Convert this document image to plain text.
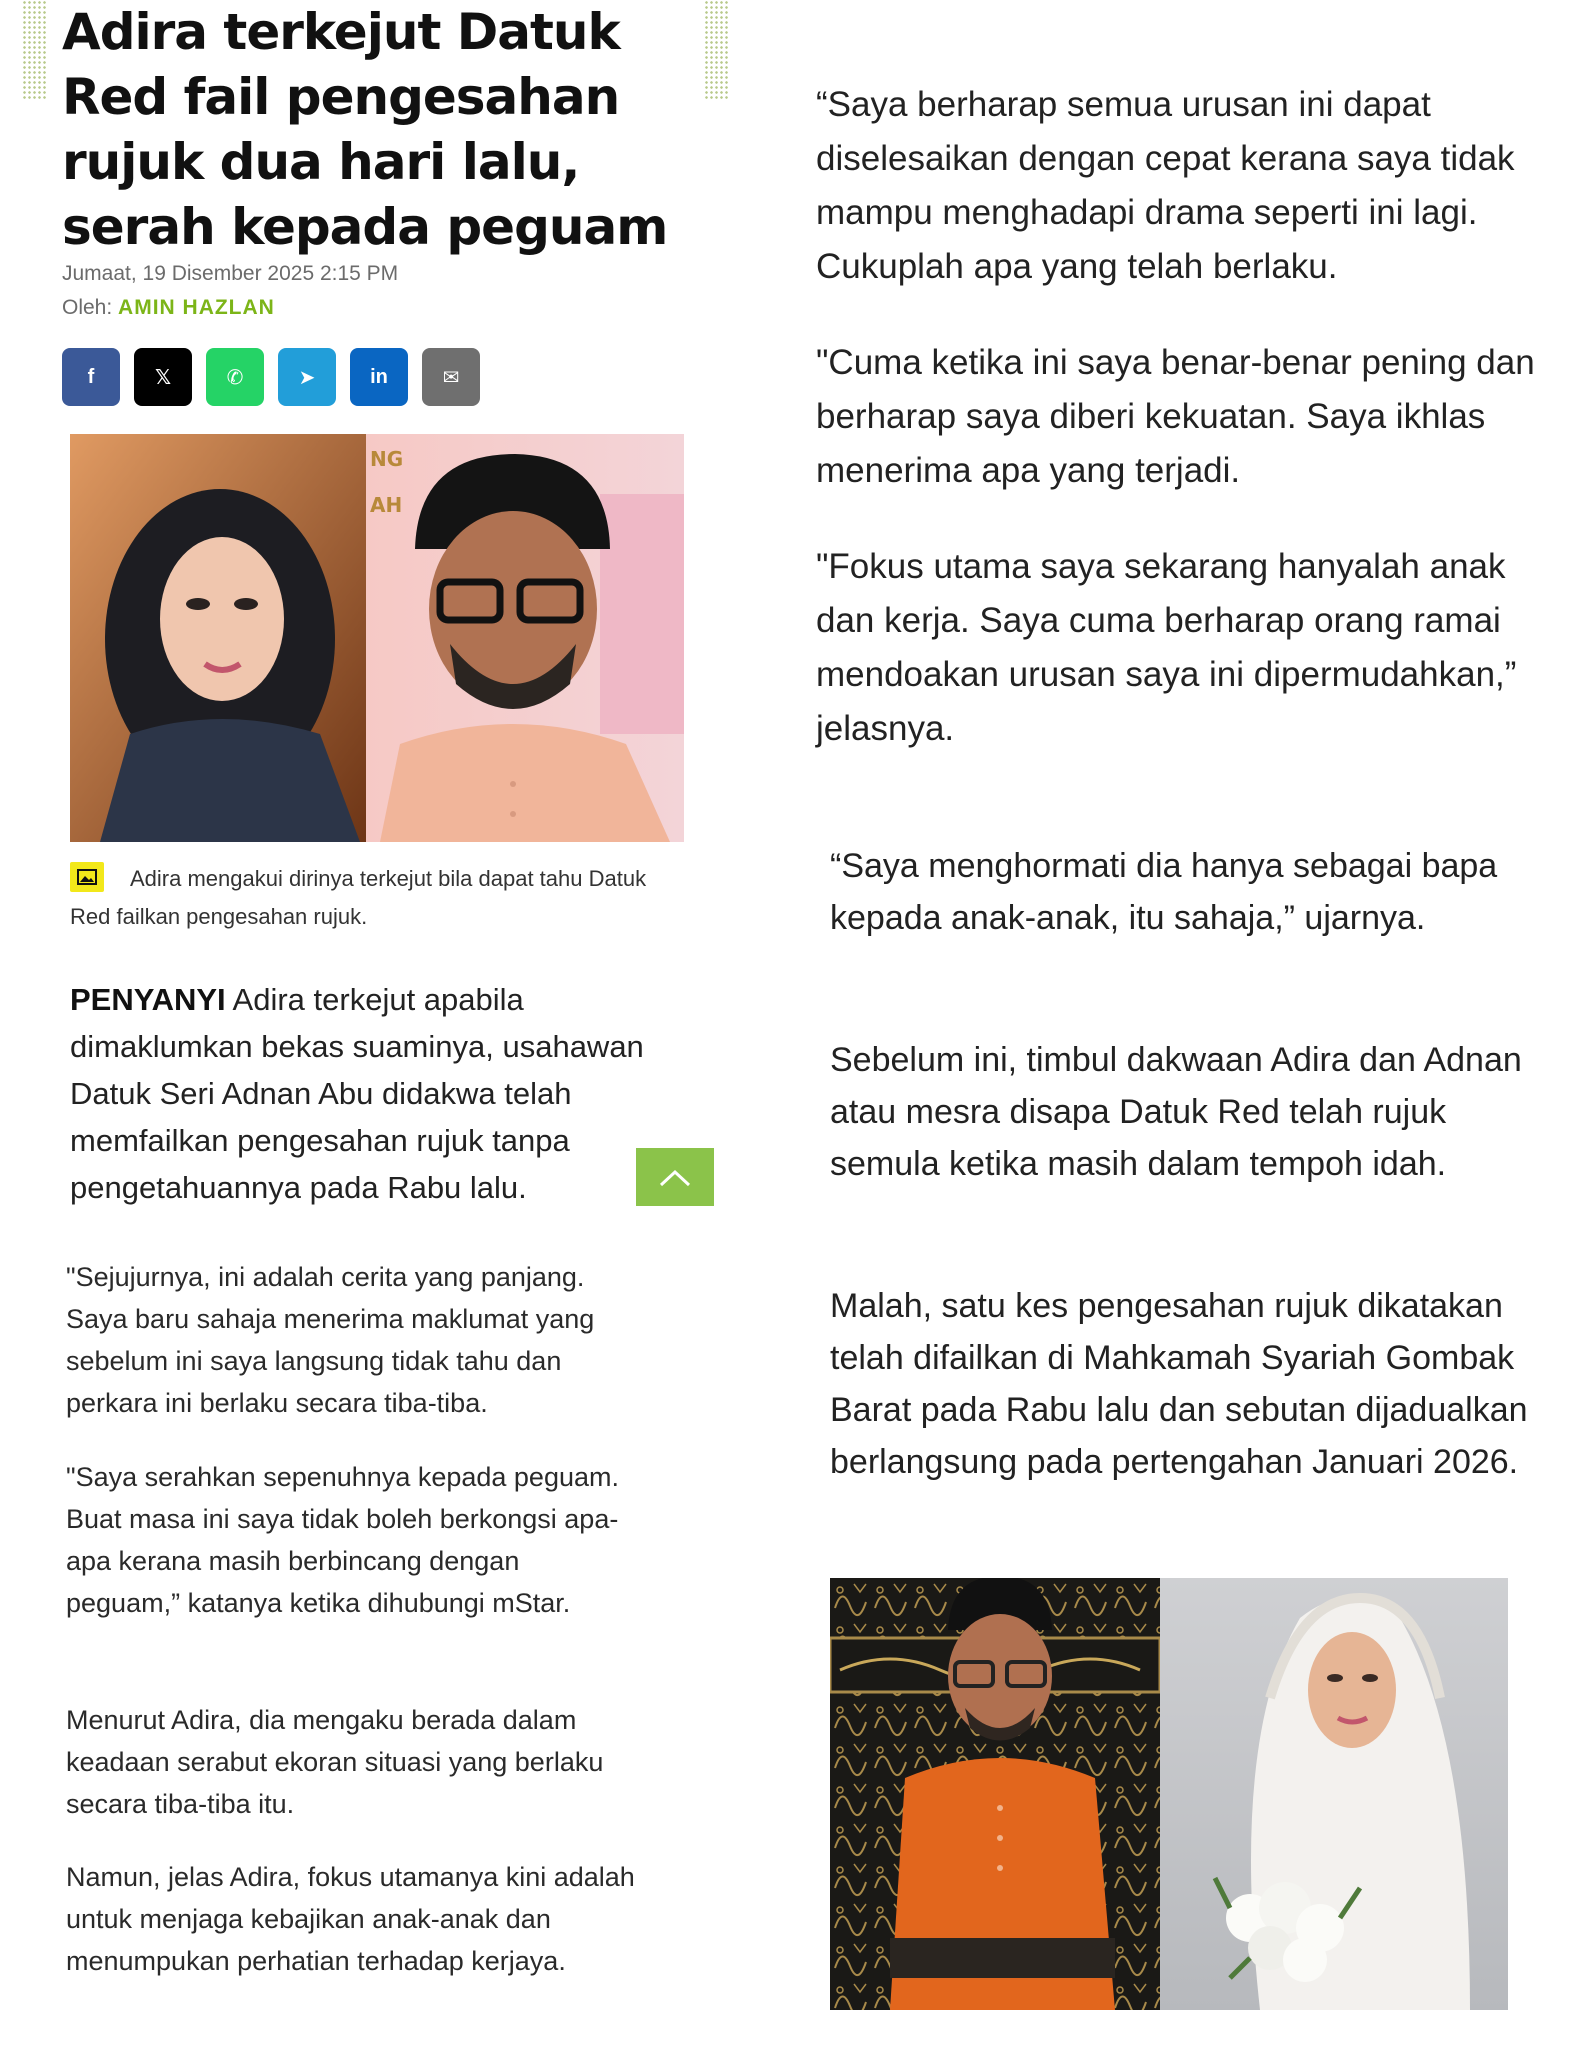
Adira terkejut Datuk Red fail pengesahan rujuk dua hari lalu, serah kepada peguam
Jumaat, 19 Disember 2025 2:15 PM
Oleh: AMIN HAZLAN
f	𝕏	✆	➤	in	✉
NG
AH
Adira mengakui dirinya terkejut bila dapat tahu Datuk Red failkan pengesahan rujuk.
PENYANYI Adira terkejut apabila dimaklumkan bekas suaminya, usahawan Datuk Seri Adnan Abu didakwa telah memfailkan pengesahan rujuk tanpa pengetahuannya pada Rabu lalu.

"Sejujurnya, ini adalah cerita yang panjang. Saya baru sahaja menerima maklumat yang sebelum ini saya langsung tidak tahu dan perkara ini berlaku secara tiba-tiba.

"Saya serahkan sepenuhnya kepada peguam. Buat masa ini saya tidak boleh berkongsi apa-apa kerana masih berbincang dengan peguam,” katanya ketika dihubungi mStar.

Menurut Adira, dia mengaku berada dalam keadaan serabut ekoran situasi yang berlaku secara tiba-tiba itu.

Namun, jelas Adira, fokus utamanya kini adalah untuk menjaga kebajikan anak-anak dan menumpukan perhatian terhadap kerjaya.

“Saya berharap semua urusan ini dapat diselesaikan dengan cepat kerana saya tidak mampu menghadapi drama seperti ini lagi. Cukuplah apa yang telah berlaku.

"Cuma ketika ini saya benar-benar pening dan berharap saya diberi kekuatan. Saya ikhlas menerima apa yang terjadi.

"Fokus utama saya sekarang hanyalah anak dan kerja. Saya cuma berharap orang ramai mendoakan urusan saya ini dipermudahkan,” jelasnya.

“Saya menghormati dia hanya sebagai bapa kepada anak-anak, itu sahaja,” ujarnya.

Sebelum ini, timbul dakwaan Adira dan Adnan atau mesra disapa Datuk Red telah rujuk semula ketika masih dalam tempoh idah.

Malah, satu kes pengesahan rujuk dikatakan telah difailkan di Mahkamah Syariah Gombak Barat pada Rabu lalu dan sebutan dijadualkan berlangsung pada pertengahan Januari 2026.
